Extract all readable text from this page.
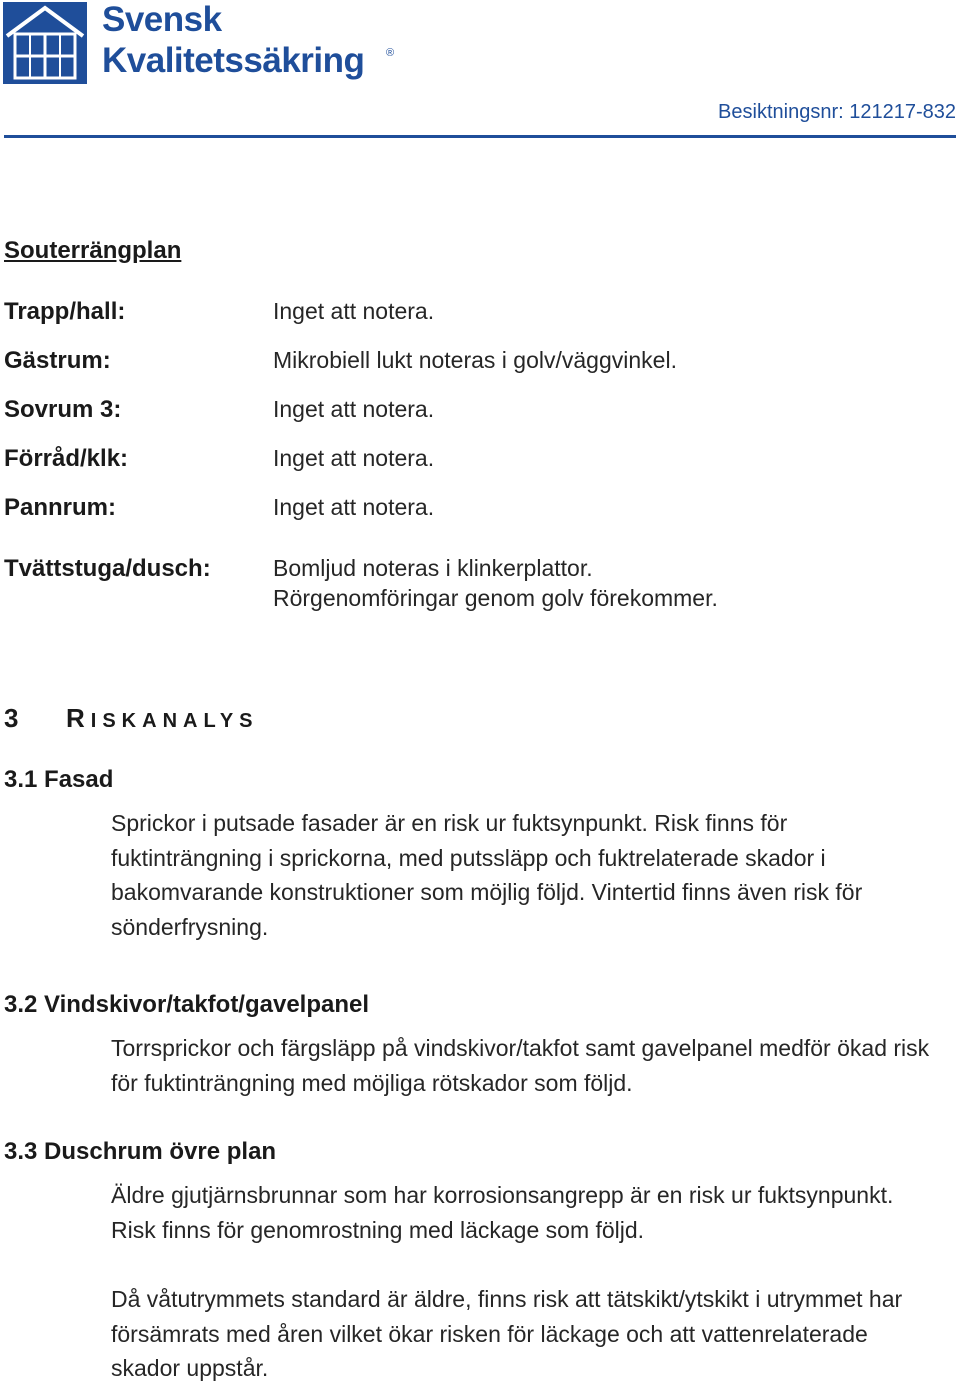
Svensk
Kvalitetssäkring ®
Besiktningsnr: 121217-832
Souterrängplan
Trapp/hall:	Inget att notera.
Gästrum:	Mikrobiell lukt noteras i golv/väggvinkel.
Sovrum 3:	Inget att notera.
Förråd/klk:	Inget att notera.
Pannrum:	Inget att notera.
Tvättstuga/dusch:	Bomljud noteras i klinkerplattor.
Rörgenomföringar genom golv förekommer.
3 RISKANALYS
3.1 Fasad
Sprickor i putsade fasader är en risk ur fuktsynpunkt. Risk finns för fuktinträngning i sprickorna, med putssläpp och fuktrelaterade skador i bakomvarande konstruktioner som möjlig följd. Vintertid finns även risk för sönderfrysning.
3.2 Vindskivor/takfot/gavelpanel
Torrsprickor och färgsläpp på vindskivor/takfot samt gavelpanel medför ökad risk för fuktinträngning med möjliga rötskador som följd.
3.3 Duschrum övre plan
Äldre gjutjärnsbrunnar som har korrosionsangrepp är en risk ur fuktsynpunkt. Risk finns för genomrostning med läckage som följd.
Då våtutrymmets standard är äldre, finns risk att tätskikt/ytskikt i utrymmet har försämrats med åren vilket ökar risken för läckage och att vattenrelaterade skador uppstår.
